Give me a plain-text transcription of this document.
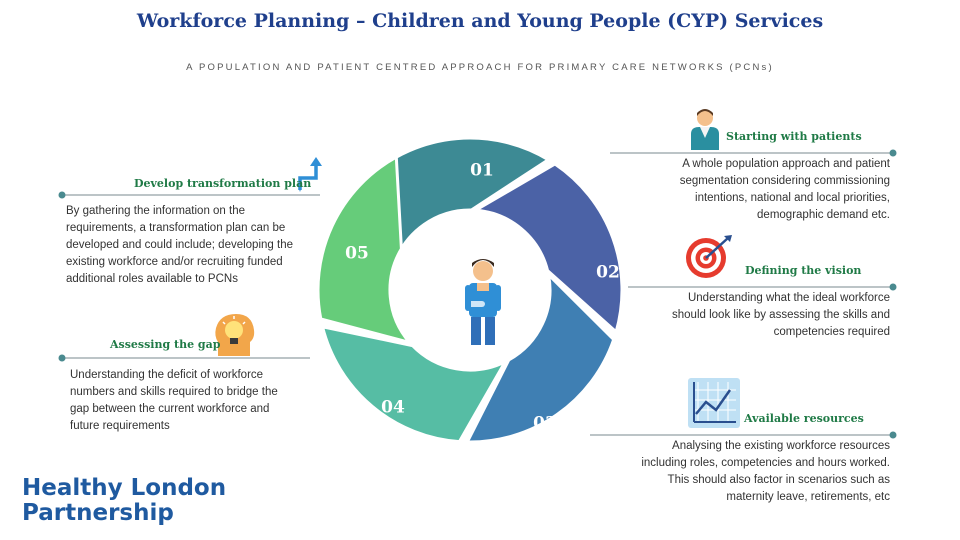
Workforce Planning – Children and Young People (CYP) Services

A POPULATION AND PATIENT CENTRED APPROACH FOR PRIMARY CARE NETWORKS (PCNs)

01
02
03
04
05
Starting with patients
A whole population approach and patient segmentation considering commissioning intentions, national and local priorities, demographic demand etc.
Defining the vision
Understanding what the ideal workforce should look like by assessing the skills and competencies required
Available resources
Analysing the existing workforce resources including roles, competencies and hours worked. This should also factor in scenarios such as maternity leave, retirements, etc
Develop transformation plan
By gathering the information on the requirements, a transformation plan can be developed and could include; developing the existing workforce and/or recruiting funded additional roles available to PCNs
Assessing the gap
Understanding the deficit of workforce numbers and skills required to bridge the gap between the current workforce and future requirements
Healthy London
Partnership
